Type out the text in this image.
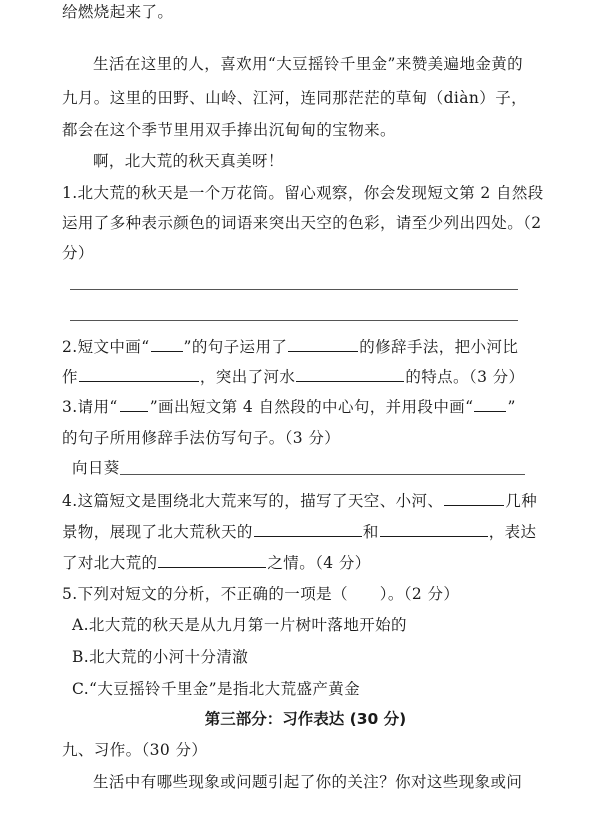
给燃烧起来了。
生活在这里的人，喜欢用“大豆摇铃千里金”来赞美遍地金黄的
九月。这里的田野、山岭、江河，连同那茫茫的草甸（diàn）子，
都会在这个季节里用双手捧出沉甸甸的宝物来。
啊，北大荒的秋天真美呀！
1.北大荒的秋天是一个万花筒。留心观察，你会发现短文第 2 自然段
运用了多种表示颜色的词语来突出天空的色彩，请至少列出四处。（2
分）
2.短文中画“ ”的句子运用了	的修辞手法，把小河比
作	，突出了河水	的特点。（3 分）
3.请用“ ”画出短文第 4 自然段的中心句，并用段中画“ ”
的句子所用修辞手法仿写句子。（3 分）
向日葵
4.这篇短文是围绕北大荒来写的，描写了天空、小河、	几种
景物，展现了北大荒秋天的	和	，表达
了对北大荒的	之情。（4 分）
5.下列对短文的分析，不正确的一项是（　　）。（2 分）
A.北大荒的秋天是从九月第一片树叶落地开始的
B.北大荒的小河十分清澈
C.“大豆摇铃千里金”是指北大荒盛产黄金
第三部分：习作表达 (30 分)
九、习作。（30 分）
生活中有哪些现象或问题引起了你的关注？你对这些现象或问
